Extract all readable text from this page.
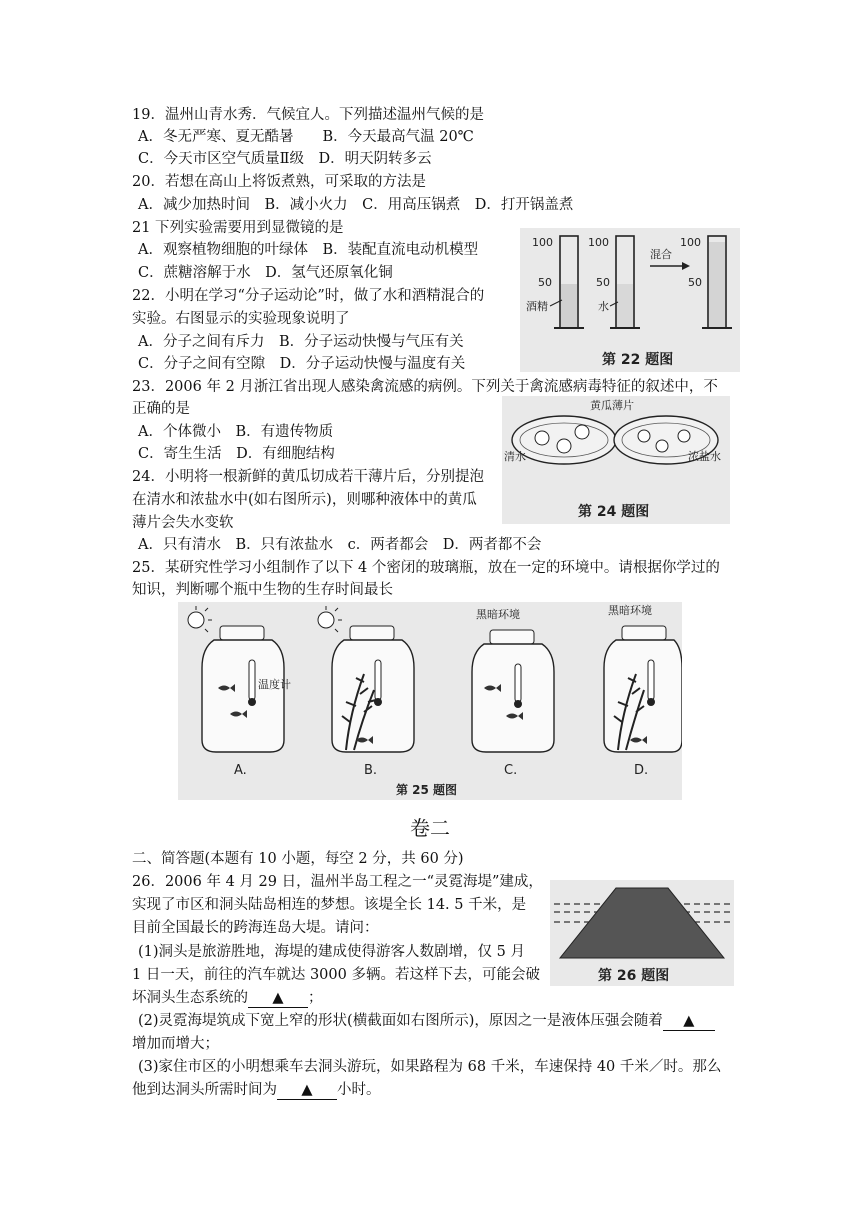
19．温州山青水秀．气候宜人。下列描述温州气候的是
A．冬无严寒、夏无酷暑　　B．今天最高气温 20℃
C．今天市区空气质量Ⅱ级　D．明天阴转多云
20．若想在高山上将饭煮熟，可采取的方法是
A．减少加热时间　B．减小火力　C．用高压锅煮　D．打开锅盖煮
21 下列实验需要用到显微镜的是
A．观察植物细胞的叶绿体　B．装配直流电动机模型
C．蔗糖溶解于水　D．氢气还原氧化铜
22．小明在学习“分子运动论”时，做了水和酒精混合的
实验。右图显示的实验现象说明了
A．分子之间有斥力　B．分子运动快慢与气压有关
C．分子之间有空隙　D．分子运动快慢与温度有关
23．2006 年 2 月浙江省出现人感染禽流感的病例。下列关于禽流感病毒特征的叙述中，不
正确的是
A．个体微小　B．有遗传物质
C．寄生生活　D．有细胞结构
24．小明将一根新鲜的黄瓜切成若干薄片后，分别提泡
在清水和浓盐水中(如右图所示)，则哪种液体中的黄瓜
薄片会失水变软
A．只有清水　B．只有浓盐水　c．两者都会　D．两者都不会
25．某研究性学习小组制作了以下 4 个密闭的玻璃瓶，放在一定的环境中。请根据你学过的
知识，判断哪个瓶中生物的生存时间最长
100
50
酒精
100
50
水
混合
100
50
第 22 题图
黄瓜薄片
清水	浓盐水
第 24 题图
黑暗环境	黑暗环境
温度计
A.	B.	C.	D.
第 25 题图
卷二
二、简答题(本题有 10 小题，每空 2 分，共 60 分)
26．2006 年 4 月 29 日，温州半岛工程之一“灵霓海堤”建成，
实现了市区和洞头陆岛相连的梦想。该堤全长 14. 5 千米，是
目前全国最长的跨海连岛大堤。请问：
(1)洞头是旅游胜地，海堤的建成使得游客人数剧增，仅 5 月
1 日一天，前往的汽车就达 3000 多辆。若这样下去，可能会破
坏洞头生态系统的 ▲ ；
(2)灵霓海堤筑成下宽上窄的形状(横截面如右图所示)，原因之一是液体压强会随着 ▲
增加而增大；
(3)家住市区的小明想乘车去洞头游玩，如果路程为 68 千米，车速保持 40 千米／时。那么
他到达洞头所需时间为 ▲ 小时。
第 26 题图
